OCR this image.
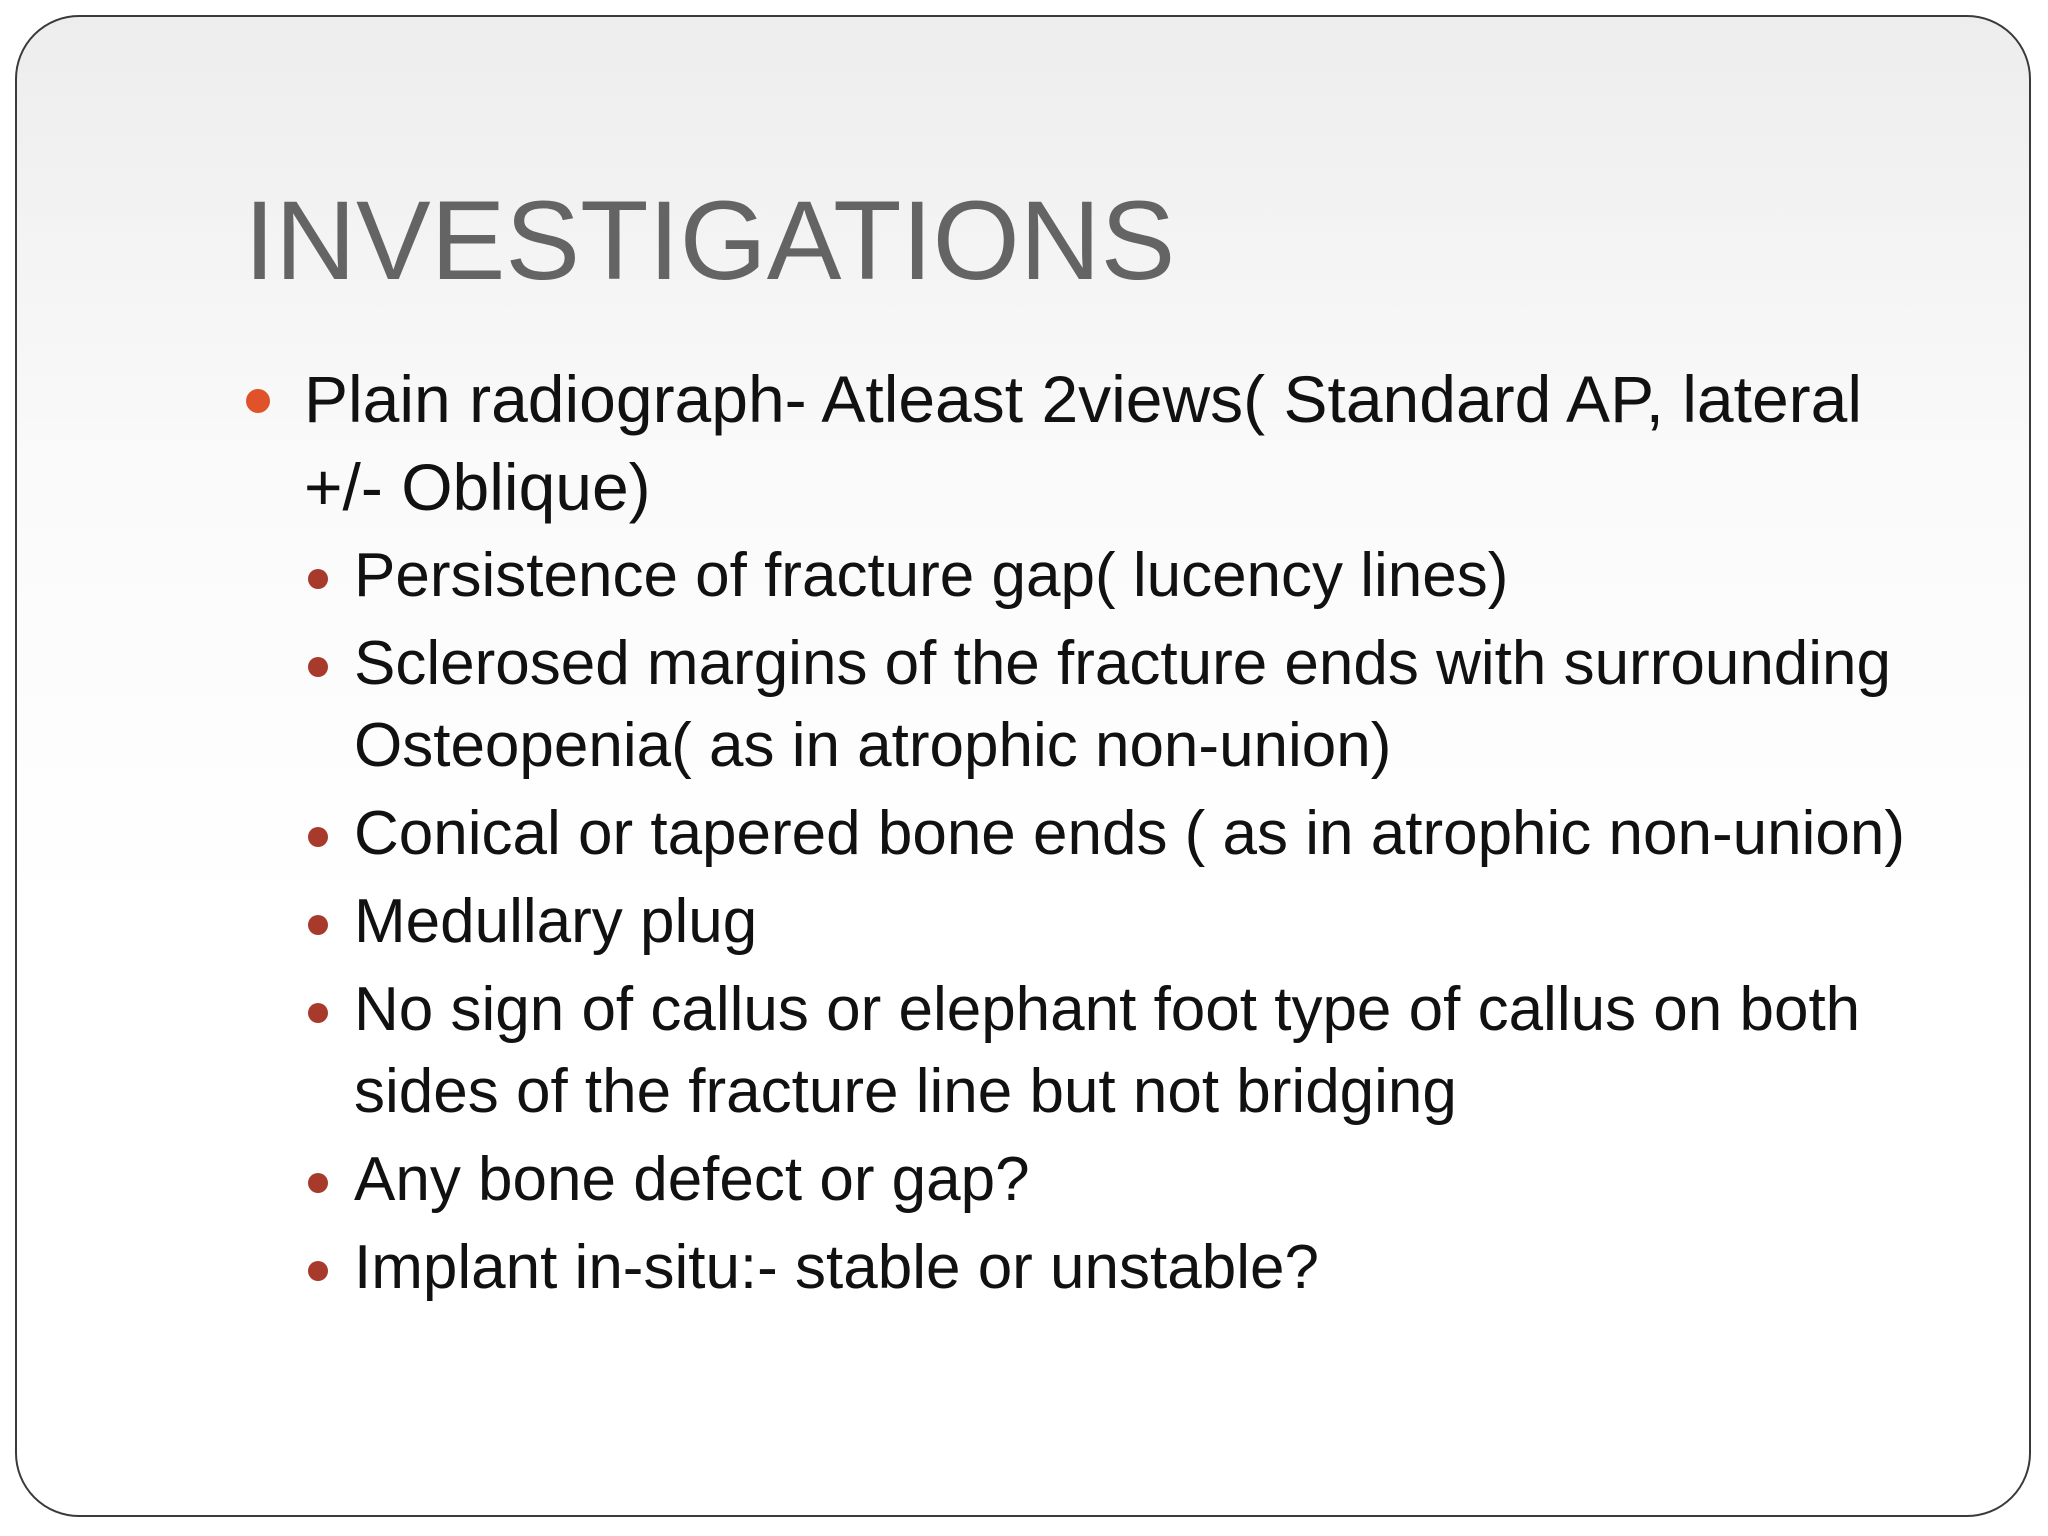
INVESTIGATIONS
Plain radiograph- Atleast 2views( Standard AP, lateral +/- Oblique)
Persistence of fracture gap( lucency lines)
Sclerosed margins of the fracture ends with surrounding Osteopenia( as in atrophic non-union)
Conical or tapered bone ends ( as in atrophic non-union)
Medullary plug
No sign of callus or elephant foot type of callus on both sides of the fracture line but not bridging
Any bone defect or gap?
Implant in-situ:- stable or unstable?
